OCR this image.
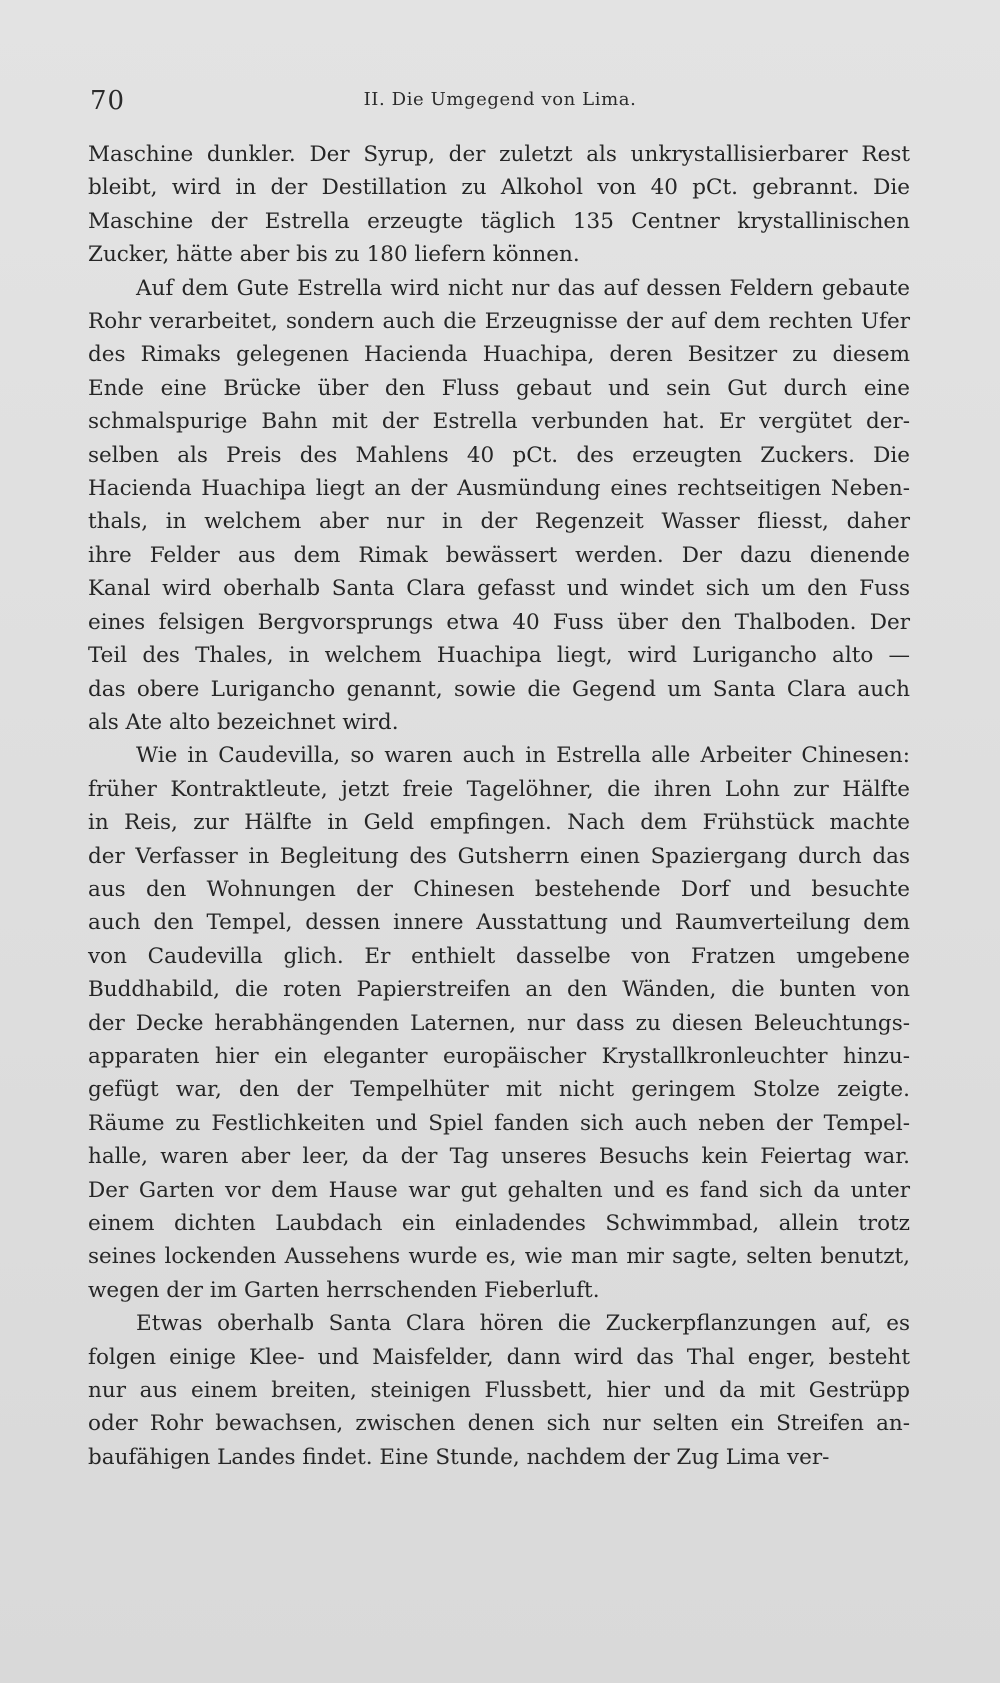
70	II. Die Umgegend von Lima.
Maschine dunkler. Der Syrup, der zuletzt als unkrystallisierbarer Rest
bleibt, wird in der Destillation zu Alkohol von 40 pCt. gebrannt. Die
Maschine der Estrella erzeugte täglich 135 Centner krystallinischen
Zucker, hätte aber bis zu 180 liefern können.
Auf dem Gute Estrella wird nicht nur das auf dessen Feldern gebaute
Rohr verarbeitet, sondern auch die Erzeugnisse der auf dem rechten Ufer
des Rimaks gelegenen Hacienda Huachipa, deren Besitzer zu diesem
Ende eine Brücke über den Fluss gebaut und sein Gut durch eine
schmalspurige Bahn mit der Estrella verbunden hat. Er vergütet der-
selben als Preis des Mahlens 40 pCt. des erzeugten Zuckers. Die
Hacienda Huachipa liegt an der Ausmündung eines rechtseitigen Neben-
thals, in welchem aber nur in der Regenzeit Wasser fliesst, daher
ihre Felder aus dem Rimak bewässert werden. Der dazu dienende
Kanal wird oberhalb Santa Clara gefasst und windet sich um den Fuss
eines felsigen Bergvorsprungs etwa 40 Fuss über den Thalboden. Der
Teil des Thales, in welchem Huachipa liegt, wird Lurigancho alto —
das obere Lurigancho genannt, sowie die Gegend um Santa Clara auch
als Ate alto bezeichnet wird.
Wie in Caudevilla, so waren auch in Estrella alle Arbeiter Chinesen:
früher Kontraktleute, jetzt freie Tagelöhner, die ihren Lohn zur Hälfte
in Reis, zur Hälfte in Geld empfingen. Nach dem Frühstück machte
der Verfasser in Begleitung des Gutsherrn einen Spaziergang durch das
aus den Wohnungen der Chinesen bestehende Dorf und besuchte
auch den Tempel, dessen innere Ausstattung und Raumverteilung dem
von Caudevilla glich. Er enthielt dasselbe von Fratzen umgebene
Buddhabild, die roten Papierstreifen an den Wänden, die bunten von
der Decke herabhängenden Laternen, nur dass zu diesen Beleuchtungs-
apparaten hier ein eleganter europäischer Krystallkronleuchter hinzu-
gefügt war, den der Tempelhüter mit nicht geringem Stolze zeigte.
Räume zu Festlichkeiten und Spiel fanden sich auch neben der Tempel-
halle, waren aber leer, da der Tag unseres Besuchs kein Feiertag war.
Der Garten vor dem Hause war gut gehalten und es fand sich da unter
einem dichten Laubdach ein einladendes Schwimmbad, allein trotz
seines lockenden Aussehens wurde es, wie man mir sagte, selten benutzt,
wegen der im Garten herrschenden Fieberluft.
Etwas oberhalb Santa Clara hören die Zuckerpflanzungen auf, es
folgen einige Klee- und Maisfelder, dann wird das Thal enger, besteht
nur aus einem breiten, steinigen Flussbett, hier und da mit Gestrüpp
oder Rohr bewachsen, zwischen denen sich nur selten ein Streifen an-
baufähigen Landes findet. Eine Stunde, nachdem der Zug Lima ver-
